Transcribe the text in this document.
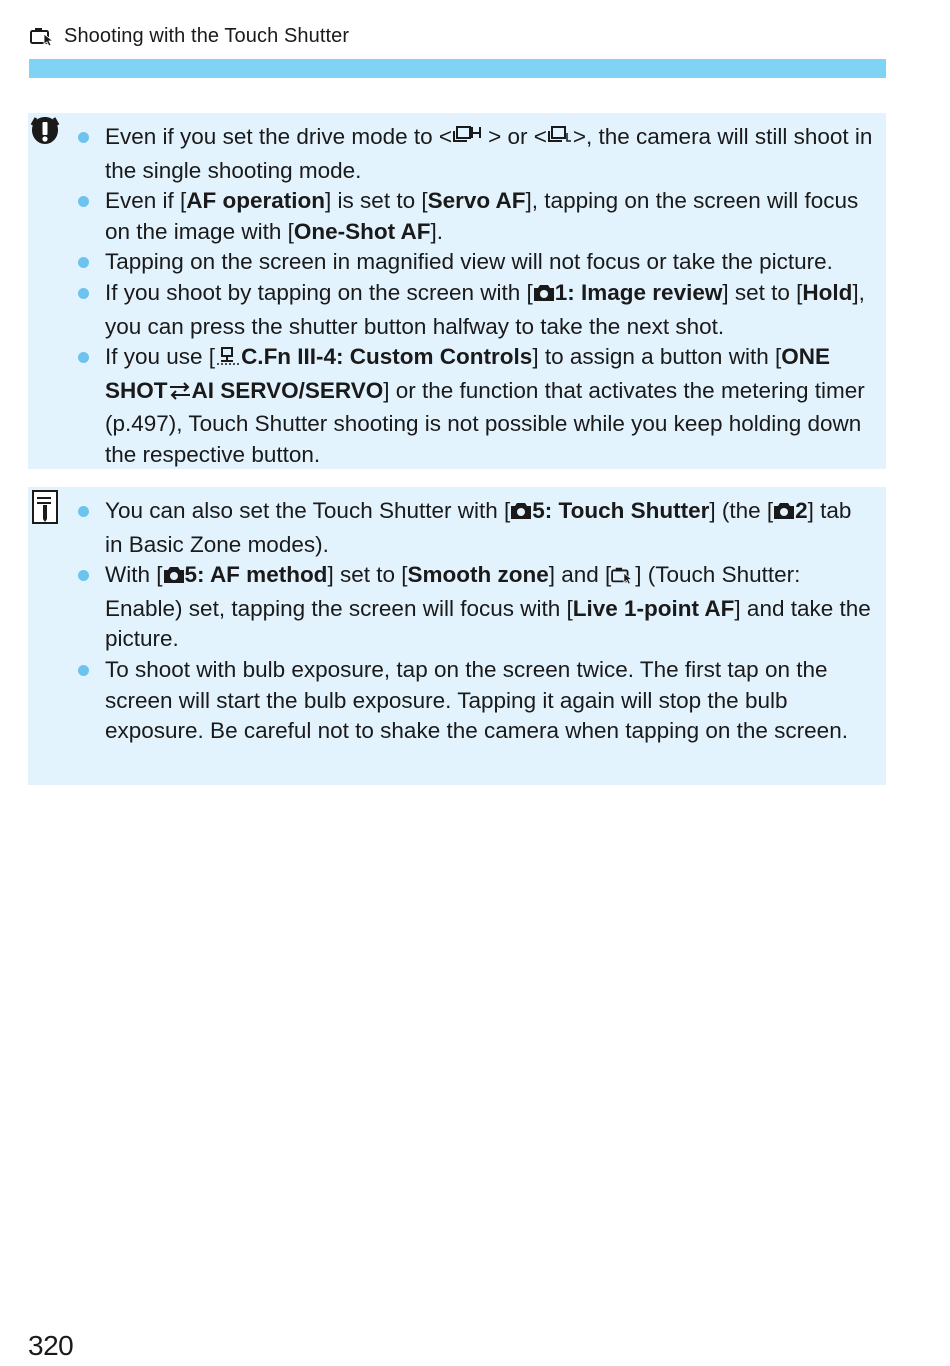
Shooting with the Touch Shutter
Even if you set the drive mode to < > or < >, the camera will still shoot in the single shooting mode.
Even if [AF operation] is set to [Servo AF], tapping on the screen will focus on the image with [One-Shot AF].
Tapping on the screen in magnified view will not focus or take the picture.
If you shoot by tapping on the screen with [ 1: Image review] set to [Hold], you can press the shutter button halfway to take the next shot.
If you use [ C.Fn III-4: Custom Controls] to assign a button with [ONE SHOT AI SERVO/SERVO] or the function that activates the metering timer (p.497), Touch Shutter shooting is not possible while you keep holding down the respective button.
You can also set the Touch Shutter with [ 5: Touch Shutter] (the [ 2] tab in Basic Zone modes).
With [ 5: AF method] set to [Smooth zone] and [ ] (Touch Shutter: Enable) set, tapping the screen will focus with [Live 1-point AF] and take the picture.
To shoot with bulb exposure, tap on the screen twice. The first tap on the screen will start the bulb exposure. Tapping it again will stop the bulb exposure. Be careful not to shake the camera when tapping on the screen.
320
